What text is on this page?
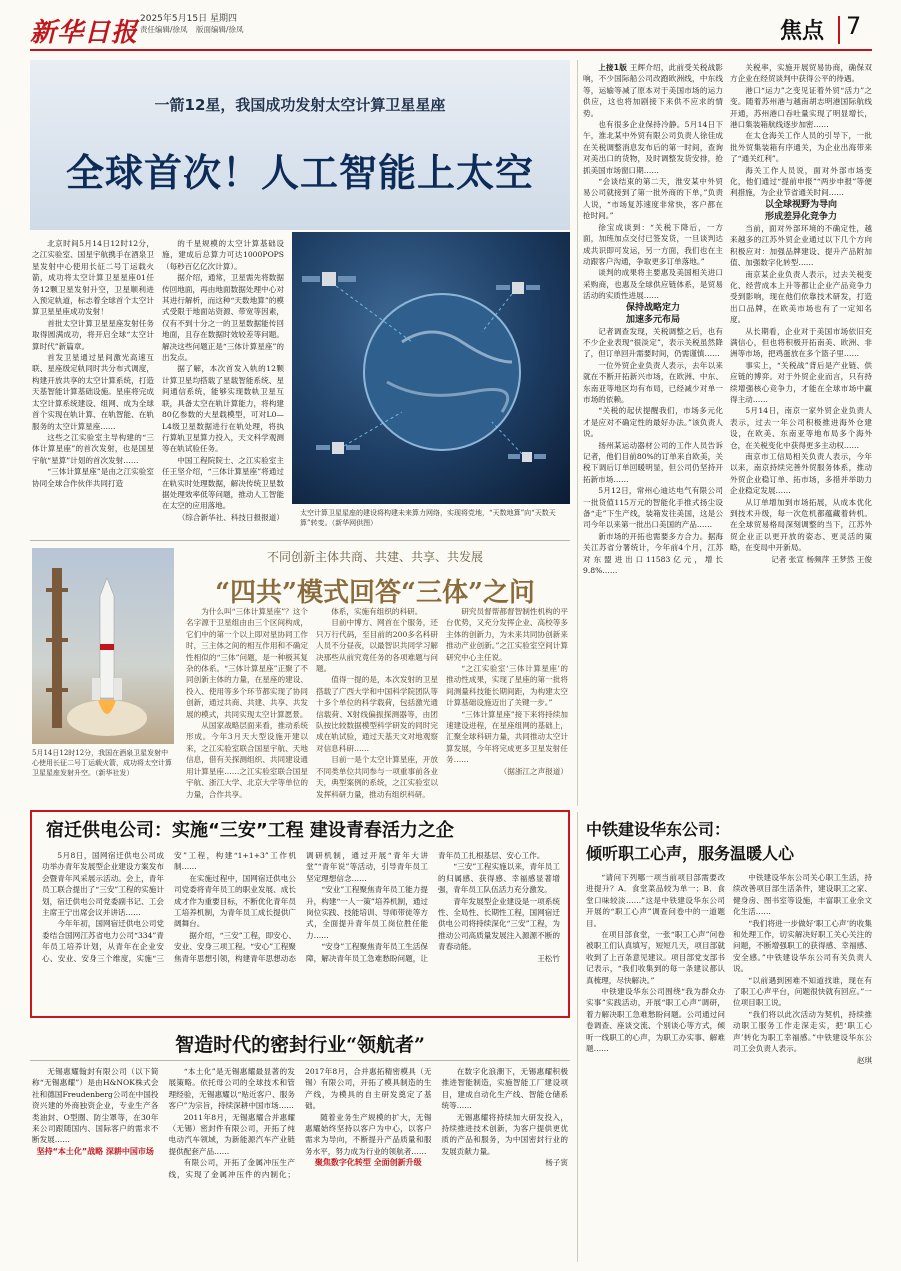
新华日报 2025年5月15日 星期四
责任编辑/徐凤 版面编辑/徐凤	焦点 7
一箭12星，我国成功发射太空计算卫星星座
全球首次！人工智能上太空

北京时间5月14日12时12分，之江实验室、国星宇航携手在酒泉卫星发射中心使用长征二号丁运载火箭，成功将太空计算卫星星座01任务12颗卫星发射升空，卫星顺利进入预定轨道，标志着全球首个太空计算卫星星座成功发射！

首批太空计算卫星星座发射任务取得圆满成功，将开启全球“太空计算时代”新篇章。

首发卫星通过星间激光高速互联、星座级定轨同时共分布式调度，构建开放共享的太空计算系统，打造天基智能计算基础设施。星座将完成太空计算系统建设、组网、成为全球首个实现在轨计算、在轨智能、在轨服务的太空计算星座……

这些之江实验室主导构建的“三体计算星座”的首次发射，也是国星宇航“星算”计划的首次发射……

“三体计算星座”是由之江实验室协同全球合作伙伴共同打造

的千星规模的太空计算基础设施，建成后总算力可达1000POPS（每秒百亿亿次计算）。

据介绍，通常，卫星需先将数据传回地面，再由地面数据处理中心对其进行解析，而这种“天数地算”的模式受限于地面站资源、带宽等因素，仅有不到十分之一的卫星数据能传回地面，且存在数据时效较差等问题。解决这些问题正是“三体计算星座”的出发点。

据了解，本次首发入轨的12颗计算卫星均搭载了星载智能系统、星间通信系统，能够实现数轨卫星互联，具备太空在轨计算能力，将构建80亿参数的大星载模型，可对L0—L4级卫星数据进行在轨处理，将执行算轨卫星算力投入，天文科学观测等在轨试验任务。

中国工程院院士、之江实验室主任王坚介绍，“三体计算星座”将通过在轨实时处理数据，解决传统卫星数据处理效率低等问题，推动人工智能在太空的应用落地。

（综合新华社、科技日报报道） 太空计算卫星星座的建设将构建未来算力网络，实现将党地，“天数地算”向“天数天算”转变。（新华网供图）
不同创新主体共商、共建、共享、共发展
“四共”模式回答“三体”之问
5月14日12时12分，我国在酒泉卫星发射中心使用长征二号丁运载火箭，成功将太空计算卫星星座发射升空。（新华社发）

为什么叫“三体计算星座”？这个名字源于卫星组由由三个区间构成，它们中的第一个以上即对星协同工作时，三主体之间的相互作用和不确定性相似的“三体”问题，是一种极其复杂的体系。“三体计算星座”正聚了不同创新主体的力量，在星座的建设、投入、使用等多个环节都实现了协同创新，通过共商、共建、共享、共发展的模式，共同实现太空计算愿景。

从国家战略层面来看，推动系统形成。今年3月天大型设施开建以来，之江实验室联合国星宇航、天地信息，借有关探测组织、共同建设通用计算星座……之江实验室联合国星宇航、浙江大学、北京大学等单位的力量，合作共享。

体系，实施有组织的科研。

目前中博方、网首在个服务，还只万行代码，至目前的200多名科研人员不分昼夜，以最智识共同学习解决那些从前究竟任务的各项难题与问题。

值得一提的是，本次发射的卫星搭载了广西大学和中国科学院团队等十多个单位的科学载荷，包括激光通信载荷、X射线偏振探测器等，由团队按比较数据模型科学研发的同时完成在轨试验，通过天基天文对地观察对信息科研……

目前一是个太空计算星座，开放不同类单位共同参与一项重事前各业天，典型案例的系统，之江实验室以发挥科研力量，推动有组织科研。

研究员督帮都督智制性机构的平台优势，又充分发挥企业、高校等多主体的创新力，为未来共同协创新来推动产业创新。”之江实验室空间计算研究中心主任说。

“之江实验室‘三体计算星座’的推动性成果，实现了星座的第一批将间测量科技能长期间距，为构建太空计算基础设施迈出了关键一步。”

“三体计算星座”接下来将持续加速建设进程，在星座组网的基础上，汇聚全球科研力量，共同推动太空计算发展，今年将完成更多卫星发射任务……

（据浙江之声报道）

上接1版 王辉介绍，此前受关税战影响，不少国际船公司改跑欧洲线，中东线等，运输等减了原本对于美国市场的运力供应，这也将加剧接下来供不应求的情势。

也有很多企业保持冷静。5月14日下午，淮北某中外贸有限公司负责人徐佳成在关税调整消息发布后的第一时间，查询对美出口的货物，及时调整发货安排，抢抓美国市场窗口期……

“会谈结束的第二天，淮安某中外贸易公司就接到了第一批外商的下单，”负责人说，“市场复苏速度非常快，客户都在抢时间。”

徐宝成谈到：“关税下降后，一方面，加班加点交付已签发货，一旦谈判达成共识即可发运，另一方面，我们也在主动跟客户沟通，争取更多订单落地。”

谈判的成果将主要惠及美国相关进口采购商，也惠及全球供应链体系，是贸易活动的实质性进展……

保持战略定力
加速多元布局

记者调查发现，关税调整之后，也有不少企业表现“很淡定”，表示关税虽然降了，但订单回升需要时间，仍需谨慎……

一位外贸企业负责人表示，去年以来就在不断开拓新兴市场，在欧洲、中东、东南亚等地区均有布局，已经减少对单一市场的依赖。

“关税的起伏提醒我们，市场多元化才是应对不确定性的最好办法。”该负责人说。

扬州某运动器材公司的工作人员告诉记者，他们目前80%的订单来自欧美，关税下调后订单回暖明显，但公司仍坚持开拓新市场……

5月12日，常州心迪达电气有限公司一批货值115万元的智能化手推式扬尘设备“走”下生产线，装箱发往美国，这是公司今年以来第一批出口美国的产品……

新市场的开拓也需要多方合力。据海关江苏省分署统计，今年前4个月，江苏对东盟进出口11583亿元，增长9.8%……

关税率，实施开展贸易协商，确保双方企业在经贸谈判中获得公平的待遇。

港口“运力”之变见证着外贸“活力”之变。随着苏州港与越南胡志明港国际航线开通，苏州港口吞吐量实现了明显增长，港口集装箱航线逐步加密……

在太仓海关工作人员的引导下，一批批外贸集装箱有序通关，为企业出海带来了“通关红利”。

海关工作人员说，面对外部市场变化，他们通过“提前申报”“两步申报”等便利措施，为企业节省通关时间……

以全球视野为导向
形成差异化竞争力

当前，面对外部环境的不确定性，越来越多的江苏外贸企业通过以下几个方向积极应对：加强品牌建设、提升产品附加值、加强数字化转型……

南京某企业负责人表示，过去关税变化、经营成本上升等都让企业产品竞争力受到影响，现在他们依靠技术研发，打造出口品牌，在欧美市场也有了一定知名度。

从长期看，企业对于美国市场依旧充满信心，但也将积极开拓南美、欧洲、非洲等市场，把鸡蛋放在多个篮子里……

事实上，“关税战”背后是产业链、供应链的博弈。对于外贸企业而言，只有持续增强核心竞争力，才能在全球市场中赢得主动……

5月14日，南京一家外贸企业负责人表示，过去一年公司积极推进海外仓建设，在欧美、东南亚等地布局多个海外仓，在关税变化中获得更多主动权……

南京市工信局相关负责人表示，今年以来，南京持续完善外贸服务体系，推动外贸企业稳订单、拓市场，多措并举助力企业稳定发展……

从订单增加到市场拓展，从成本优化到技术升级，每一次危机都蕴藏着转机。在全球贸易格局深刻调整的当下，江苏外贸企业正以更开放的姿态、更灵活的策略，在变局中开新局。

记者 张宣 杨频萍 王梦然 王俊

宿迁供电公司：实施“三安”工程 建设青春活力之企

5月8日，国网宿迁供电公司成功举办青年发展型企业建设方案发布会暨青年风采展示活动。会上，青年员工联合提出了“三安”工程的实施计划，宿迁供电公司党委副书记、工会主席王宁出席会议并讲话……

今年年初，国网宿迁供电公司党委结合国网江苏省电力公司“334”青年员工培养计划，从青年在企业安心、安业、安身三个维度，实施“三安”工程，构建“1+1+3”工作机制……

在实施过程中，国网宿迁供电公司党委将青年员工的职业发展、成长成才作为重要目标，不断优化青年员工培养机制，为青年员工成长提供广阔舞台。

据介绍，“三安”工程，即安心、安业、安身三项工程。“安心”工程聚焦青年思想引领，构建青年思想动态调研机制，通过开展“青年大讲堂”“青年说”等活动，引导青年员工坚定理想信念……

“安业”工程聚焦青年员工能力提升，构建“一人一策”培养机制，通过岗位实践、技能培训、导师带徒等方式，全面提升青年员工岗位胜任能力……

“安身”工程聚焦青年员工生活保障，解决青年员工急难愁盼问题，让青年员工扎根基层、安心工作。

“三安”工程实施以来，青年员工的归属感、获得感、幸福感显著增强，青年员工队伍活力充分激发。

青年发展型企业建设是一项系统性、全局性、长期性工程，国网宿迁供电公司将持续深化“三安”工程，为推动公司高质量发展注入源源不断的青春动能。

王松竹

中铁建设华东公司：
倾听职工心声，服务温暖人心

“请问下列哪一项当前项目部需要改进提升？A．食堂菜品较为单一；B．食堂口味较淡……”这是中铁建设华东公司开展的“职工心声”调查问卷中的一道题目。

在项目部食堂，一张“职工心声”问卷被职工们认真填写，短短几天，项目部就收到了上百条意见建议。项目部党支部书记表示，“我们收集到的每一条建议都认真梳理，尽快解决。”

中铁建设华东公司围绕“我为群众办实事”实践活动，开展“职工心声”调研，着力解决职工急难愁盼问题。公司通过问卷调查、座谈交流、个别谈心等方式，倾听一线职工的心声，为职工办实事、解难题……

中铁建设华东公司关心职工生活，持续改善项目部生活条件，建设职工之家、健身房、图书室等设施，丰富职工业余文化生活……

“我们将进一步做好‘职工心声’的收集和处理工作，切实解决好职工关心关注的问题，不断增强职工的获得感、幸福感、安全感。”中铁建设华东公司有关负责人说。

“以前遇到困难不知道找谁，现在有了职工心声平台，问题很快就有回应。”一位项目职工说。

“我们将以此次活动为契机，持续推动职工服务工作走深走实，把‘职工心声’转化为职工幸福感。”中铁建设华东公司工会负责人表示。

赵琪

智造时代的密封行业“领航者”

无锡惠耀翰封有限公司（以下简称“无锡惠耀”）是由H&NOK株式会社和德国Freudenberg公司在中国投资兴建的外商独资企业，专业生产各类油封、O型圈、防尘罩等，在30年来公司跟随国内、国际客户的需求不断发展……

坚持“本土化”战略 深耕中国市场

“本土化”是无锡惠耀最显著的发展策略。依托母公司的全球技术和管理经验，无锡惠耀以“贴近客户、服务客户”为宗旨，持续深耕中国市场……

2011年8月，无锡惠耀合并惠耀（无锡）密封件有限公司，开拓了纯电动汽车领域，为新能源汽车产业链提供配套产品……

有限公司，开拓了金属冲压生产线，实现了金属冲压件的内制化；2017年8月，合并惠拓精密模具（无锡）有限公司，开拓了模具制造的生产线，为模具的自主研发奠定了基础。

随着业务生产规模的扩大，无锡惠耀始终坚持以客户为中心，以客户需求为导向，不断提升产品质量和服务水平，努力成为行业的领航者……

聚焦数字化转型 全面创新升级

在数字化浪潮下，无锡惠耀积极推进智能制造，实施智能工厂建设项目，建成自动化生产线、智能仓储系统等……

无锡惠耀将持续加大研发投入，持续推进技术创新，为客户提供更优质的产品和服务，为中国密封行业的发展贡献力量。

杨子寅
